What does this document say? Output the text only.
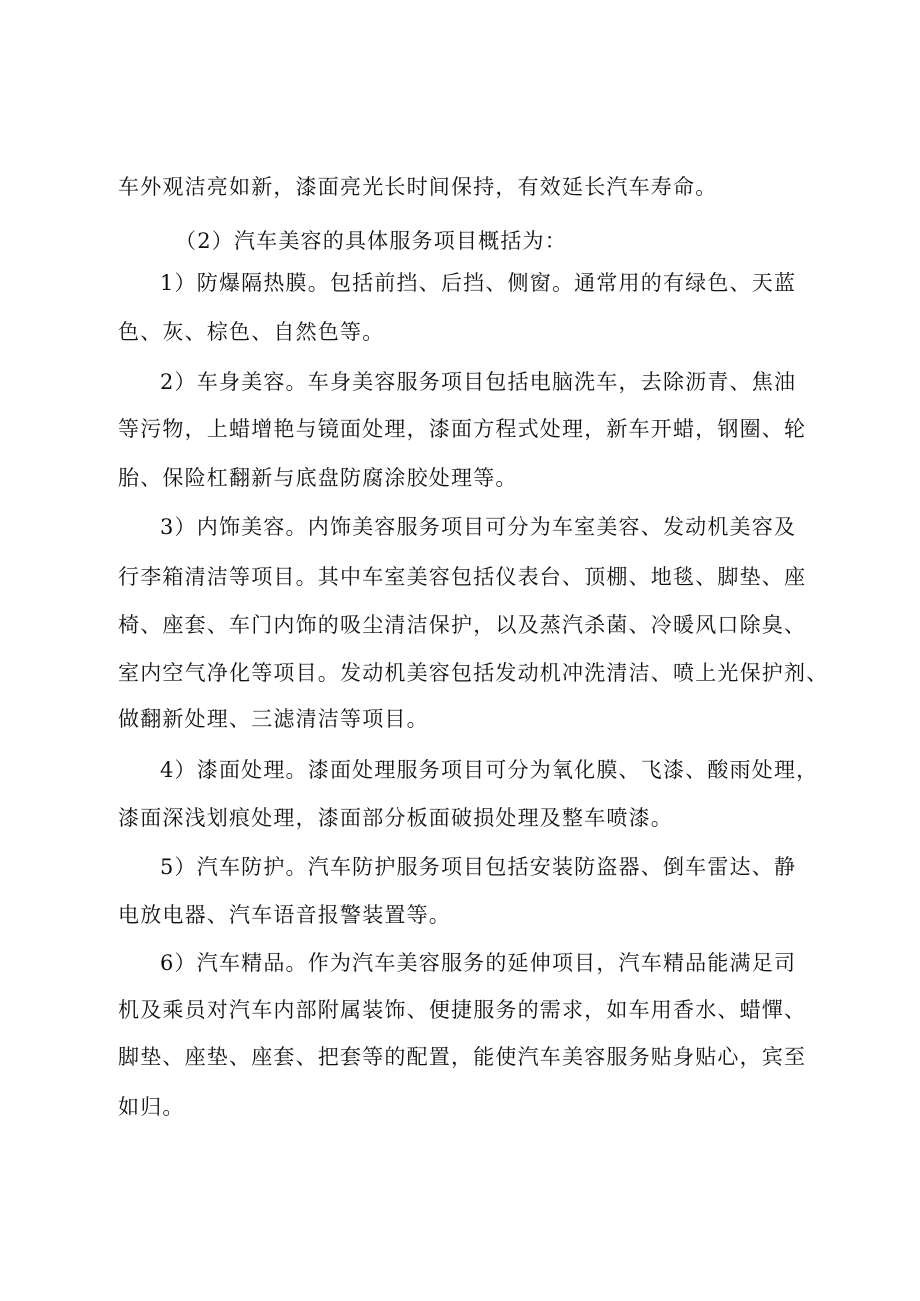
车外观洁亮如新，漆面亮光长时间保持，有效延长汽车寿命。
（2）汽车美容的具体服务项目概括为：
1）防爆隔热膜。包括前挡、后挡、侧窗。通常用的有绿色、天蓝
色、灰、棕色、自然色等。
2）车身美容。车身美容服务项目包括电脑洗车，去除沥青、焦油
等污物，上蜡增艳与镜面处理，漆面方程式处理，新车开蜡，钢圈、轮
胎、保险杠翻新与底盘防腐涂胶处理等。
3）内饰美容。内饰美容服务项目可分为车室美容、发动机美容及
行李箱清洁等项目。其中车室美容包括仪表台、顶棚、地毯、脚垫、座
椅、座套、车门内饰的吸尘清洁保护，以及蒸汽杀菌、冷暖风口除臭、
室内空气净化等项目。发动机美容包括发动机冲洗清洁、喷上光保护剂、
做翻新处理、三滤清洁等项目。
4）漆面处理。漆面处理服务项目可分为氧化膜、飞漆、酸雨处理，
漆面深浅划痕处理，漆面部分板面破损处理及整车喷漆。
5）汽车防护。汽车防护服务项目包括安装防盗器、倒车雷达、静
电放电器、汽车语音报警装置等。
6）汽车精品。作为汽车美容服务的延伸项目，汽车精品能满足司
机及乘员对汽车内部附属装饰、便捷服务的需求，如车用香水、蜡憚、
脚垫、座垫、座套、把套等的配置，能使汽车美容服务贴身贴心，宾至
如归。
